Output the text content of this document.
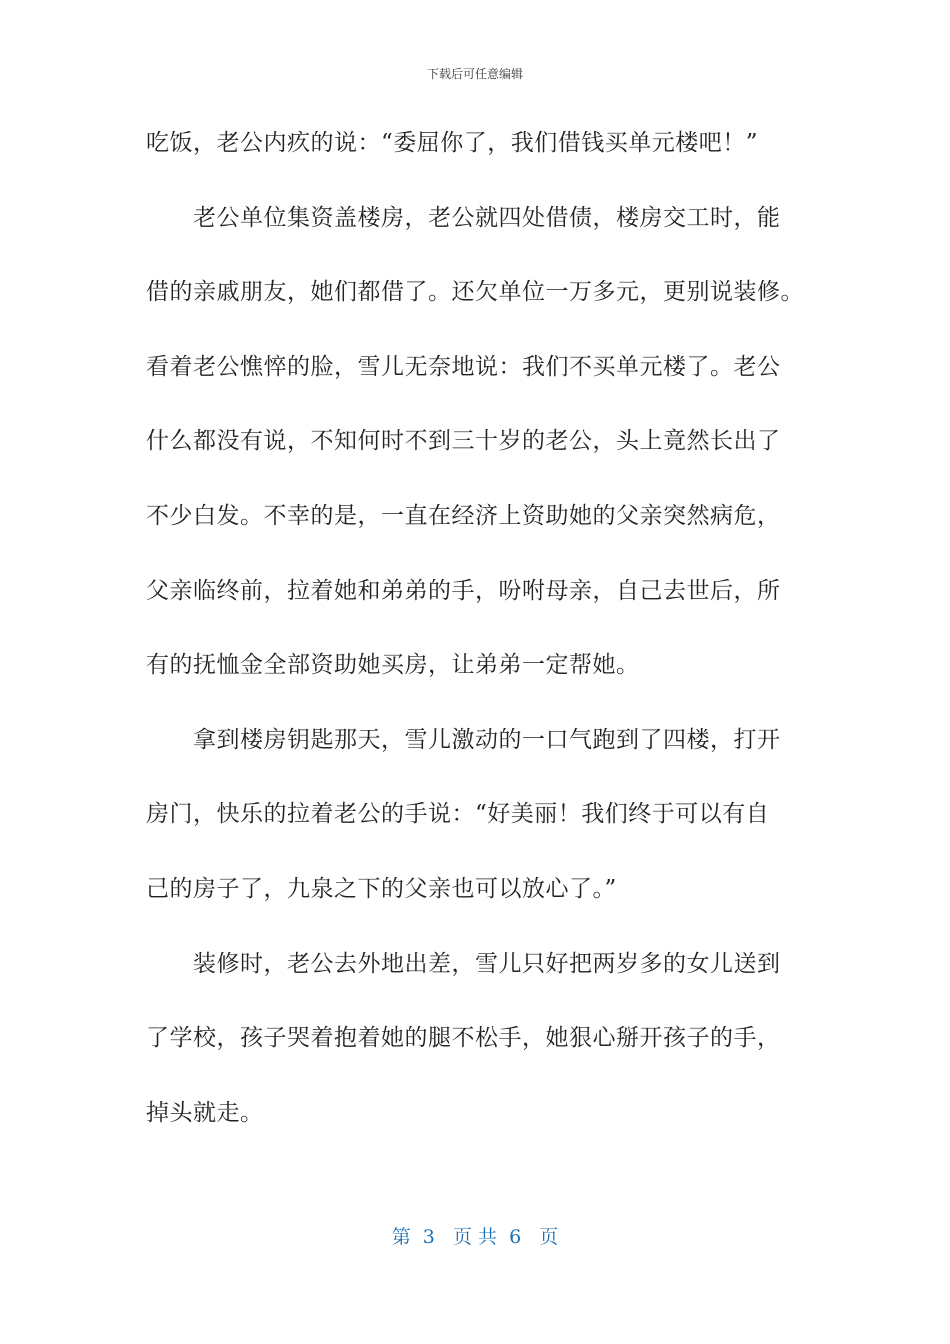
下载后可任意编辑
吃饭，老公内疚的说：“委屈你了，我们借钱买单元楼吧！”
老公单位集资盖楼房，老公就四处借债，楼房交工时，能
借的亲戚朋友，她们都借了。还欠单位一万多元，更别说装修。
看着老公憔悴的脸，雪儿无奈地说：我们不买单元楼了。老公
什么都没有说，不知何时不到三十岁的老公，头上竟然长出了
不少白发。不幸的是，一直在经济上资助她的父亲突然病危，
父亲临终前，拉着她和弟弟的手，吩咐母亲，自己去世后，所
有的抚恤金全部资助她买房，让弟弟一定帮她。
拿到楼房钥匙那天，雪儿激动的一口气跑到了四楼，打开
房门，快乐的拉着老公的手说：“好美丽！我们终于可以有自
己的房子了，九泉之下的父亲也可以放心了。”
装修时，老公去外地出差，雪儿只好把两岁多的女儿送到
了学校，孩子哭着抱着她的腿不松手，她狠心掰开孩子的手，
掉头就走。
第  3   页 共  6   页
